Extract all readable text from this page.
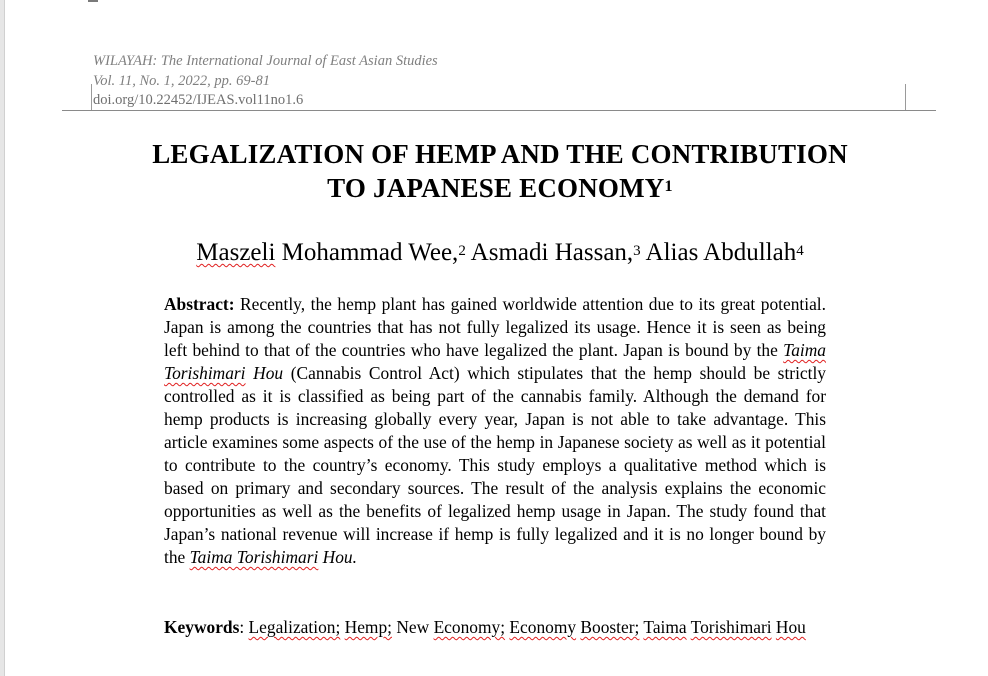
WILAYAH: The International Journal of East Asian Studies
Vol. 11, No. 1, 2022, pp. 69-81
doi.org/10.22452/IJEAS.vol11no1.6
LEGALIZATION OF HEMP AND THE CONTRIBUTION
TO JAPANESE ECONOMY$^1$
Maszeli Mohammad Wee,$^2$ Asmadi Hassan,$^3$ Alias Abdullah$^4$
Abstract: Recently, the hemp plant has gained worldwide attention due to its great potential. Japan is among the countries that has not fully legalized its usage. Hence it is seen as being left behind to that of the countries who have legalized the plant. Japan is bound by the Taima Torishimari Hou (Cannabis Control Act) which stipulates that the hemp should be strictly controlled as it is classified as being part of the cannabis family. Although the demand for hemp products is increasing globally every year, Japan is not able to take advantage. This article examines some aspects of the use of the hemp in Japanese society as well as it potential to contribute to the country’s economy. This study employs a qualitative method which is based on primary and secondary sources. The result of the analysis explains the economic opportunities as well as the benefits of legalized hemp usage in Japan. The study found that Japan’s national revenue will increase if hemp is fully legalized and it is no longer bound by the Taima Torishimari Hou.
Keywords: Legalization; Hemp; New Economy; Economy Booster; Taima Torishimari Hou
